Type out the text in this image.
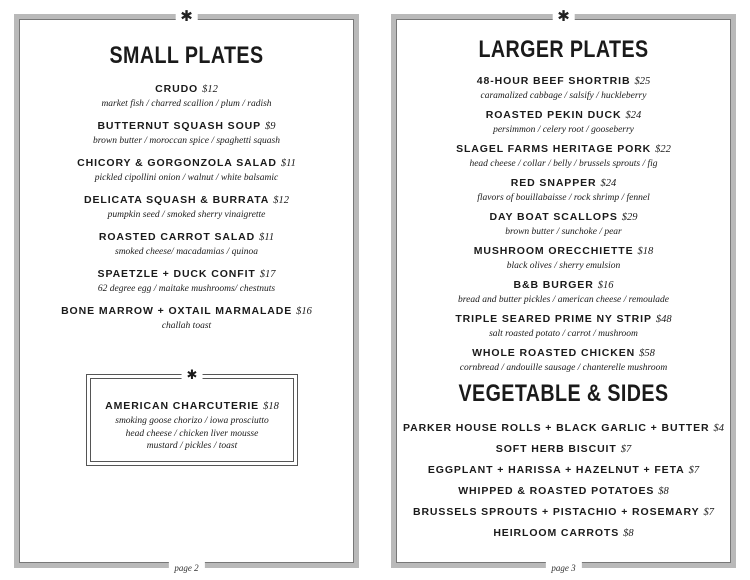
✱
SMALL PLATES
CRUDO $12
market fish / charred scallion / plum / radish
BUTTERNUT SQUASH SOUP $9
brown butter / moroccan spice / spaghetti squash
CHICORY & GORGONZOLA SALAD $11
pickled cipollini onion / walnut / white balsamic
DELICATA SQUASH & BURRATA $12
pumpkin seed / smoked sherry vinaigrette
ROASTED CARROT SALAD $11
smoked cheese/ macadamias / quinoa
SPAETZLE + DUCK CONFIT $17
62 degree egg / maitake mushrooms/ chestnuts
BONE MARROW + OXTAIL MARMALADE $16
challah toast
✱
AMERICAN CHARCUTERIE $18
smoking goose chorizo / iowa prosciutto
head cheese / chicken liver mousse
mustard / pickles / toast
page 2
✱
LARGER PLATES
48-HOUR BEEF SHORTRIB $25
caramalized cabbage / salsify / huckleberry
ROASTED PEKIN DUCK $24
persimmon / celery root / gooseberry
SLAGEL FARMS HERITAGE PORK $22
head cheese / collar / belly / brussels sprouts / fig
RED SNAPPER $24
flavors of bouillabaisse / rock shrimp / fennel
DAY BOAT SCALLOPS $29
brown butter / sunchoke / pear
MUSHROOM ORECCHIETTE $18
black olives / sherry emulsion
B&B BURGER $16
bread and butter pickles / american cheese / remoulade
TRIPLE SEARED PRIME NY STRIP $48
salt roasted potato / carrot / mushroom
WHOLE ROASTED CHICKEN $58
cornbread / andouille sausage / chanterelle mushroom
VEGETABLE & SIDES
PARKER HOUSE ROLLS + BLACK GARLIC + BUTTER $4
SOFT HERB BISCUIT $7
EGGPLANT + HARISSA + HAZELNUT + FETA $7
WHIPPED & ROASTED POTATOES $8
BRUSSELS SPROUTS + PISTACHIO + ROSEMARY $7
HEIRLOOM CARROTS $8
page 3
